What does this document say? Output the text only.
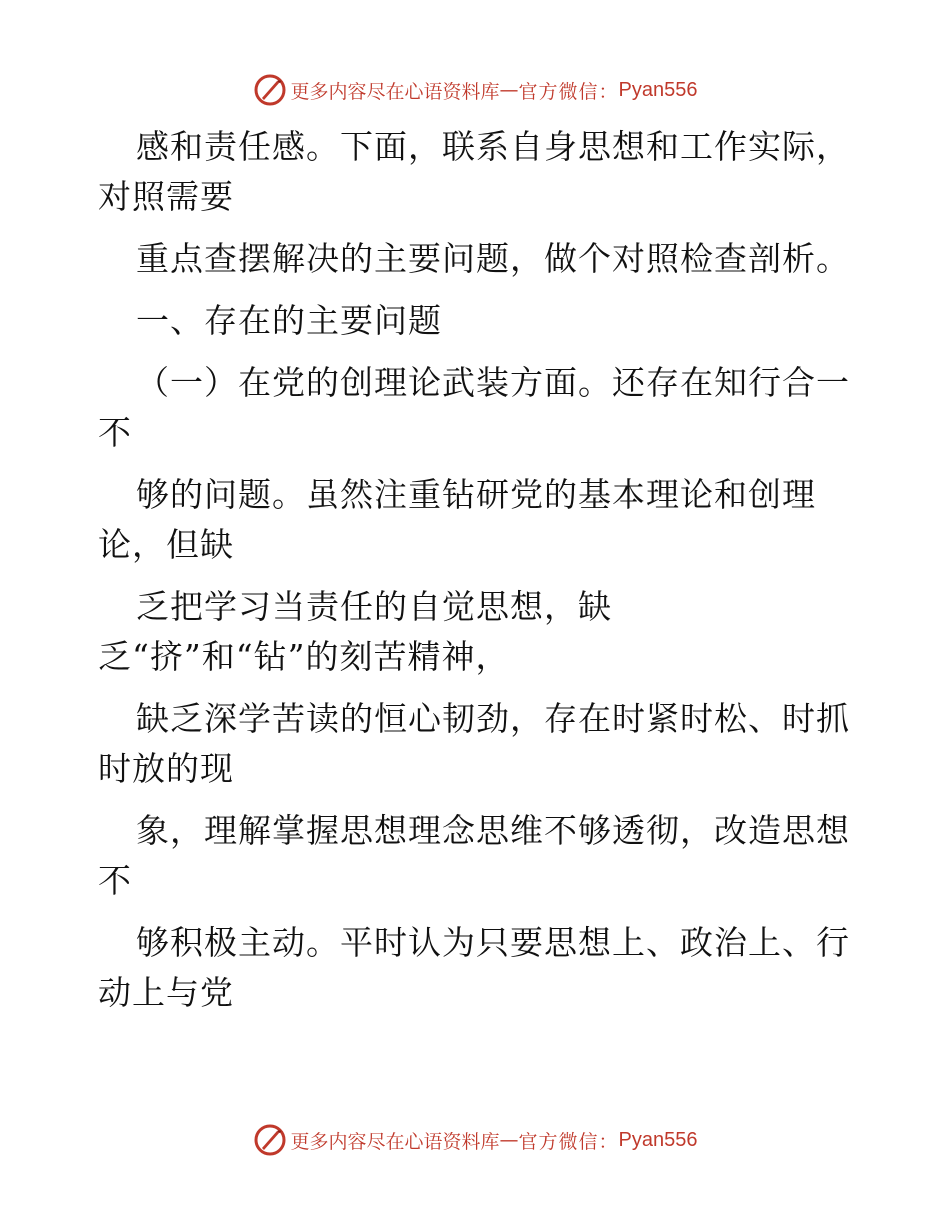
更多内容尽在心语资料库 — 官方微信： Pyan556
感和责任感。下面，联系自身思想和工作实际，
对照需要
重点查摆解决的主要问题，做个对照检查剖析。
一、存在的主要问题
（一）在党的创理论武装方面。还存在知行合一
不
够的问题。虽然注重钻研党的基本理论和创理
论，但缺
乏把学习当责任的自觉思想，缺
乏“挤”和“钻”的刻苦精神，
缺乏深学苦读的恒心韧劲，存在时紧时松、时抓
时放的现
象，理解掌握思想理念思维不够透彻，改造思想
不
够积极主动。平时认为只要思想上、政治上、行
动上与党
更多内容尽在心语资料库 — 官方微信： Pyan556
